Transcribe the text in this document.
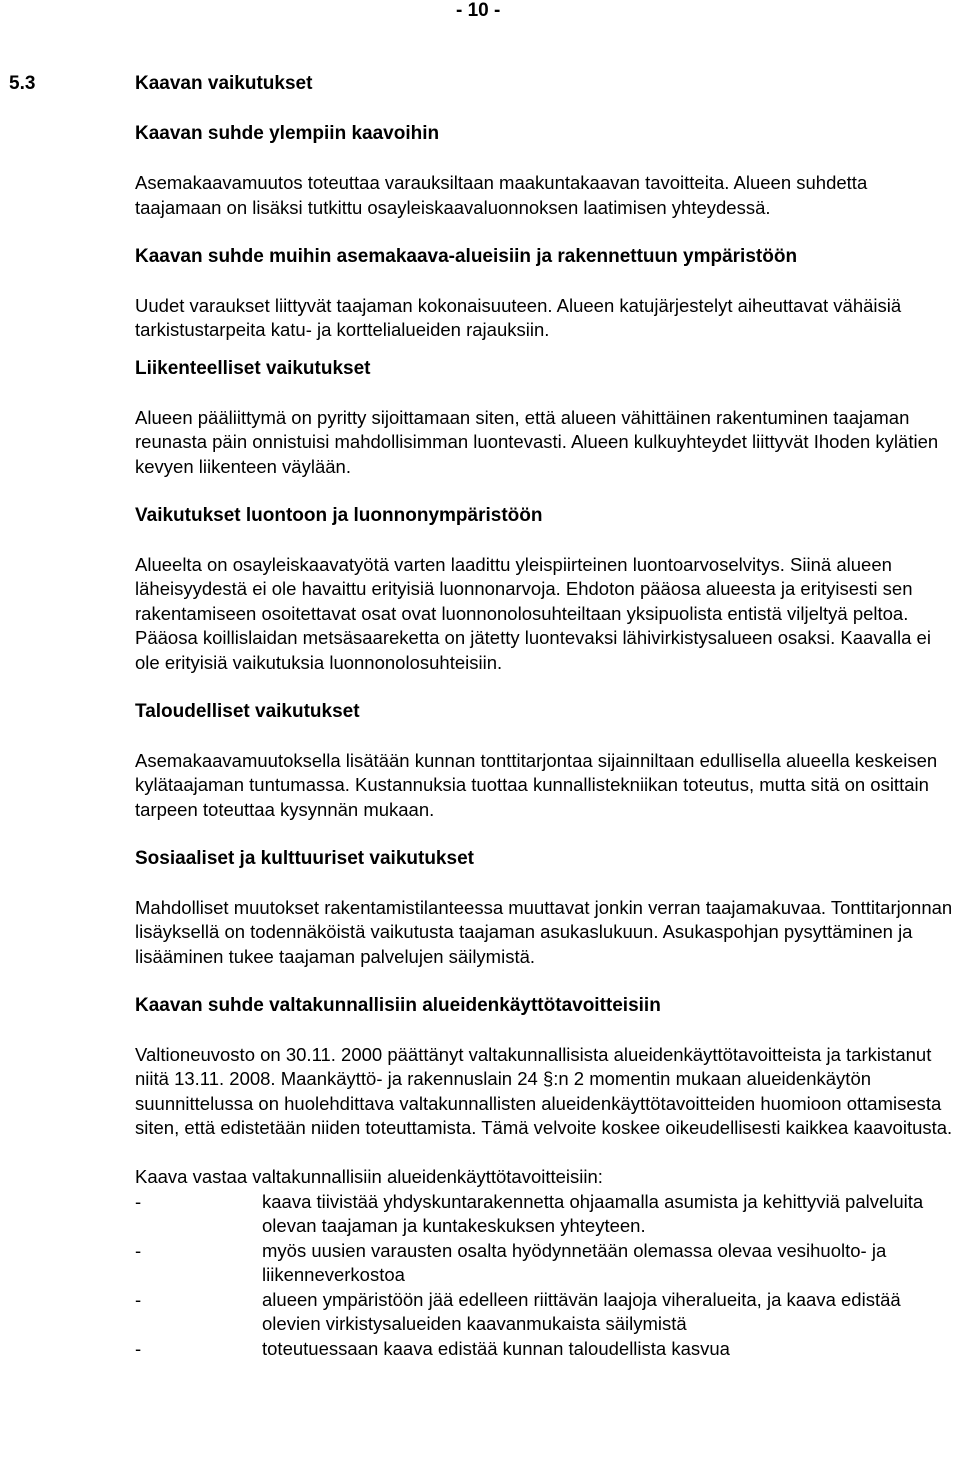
- 10 -
5.3	Kaavan vaikutukset
Kaavan suhde ylempiin kaavoihin

Asemakaavamuutos toteuttaa varauksiltaan maakuntakaavan tavoitteita. Alueen suhdetta taajamaan on lisäksi tutkittu osayleiskaavaluonnoksen laatimisen yhteydessä.

Kaavan suhde muihin asemakaava-alueisiin ja rakennettuun ympäristöön

Uudet varaukset liittyvät taajaman kokonaisuuteen. Alueen katujärjestelyt aiheuttavat vähäisiä tarkistustarpeita katu- ja korttelialueiden rajauksiin.

Liikenteelliset vaikutukset

Alueen pääliittymä on pyritty sijoittamaan siten, että alueen vähittäinen rakentuminen taajaman reunasta päin onnistuisi mahdollisimman luontevasti. Alueen kulkuyhteydet liittyvät Ihoden kylätien kevyen liikenteen väylään.

Vaikutukset luontoon ja luonnonympäristöön

Alueelta on osayleiskaavatyötä varten laadittu yleispiirteinen luontoarvoselvitys. Siinä alueen läheisyydestä ei ole havaittu erityisiä luonnonarvoja. Ehdoton pääosa alueesta ja erityisesti sen rakentamiseen osoitettavat osat ovat luonnonolosuhteiltaan yksipuolista entistä viljeltyä peltoa. Pääosa koillislaidan metsäsaareketta on jätetty luontevaksi lähivirkistysalueen osaksi. Kaavalla ei ole erityisiä vaikutuksia luonnonolosuhteisiin.

Taloudelliset vaikutukset

Asemakaavamuutoksella lisätään kunnan tonttitarjontaa sijainniltaan edullisella alueella keskeisen kylätaajaman tuntumassa. Kustannuksia tuottaa kunnallistekniikan toteutus, mutta sitä on osittain tarpeen toteuttaa kysynnän mukaan.

Sosiaaliset ja kulttuuriset vaikutukset

Mahdolliset muutokset rakentamistilanteessa muuttavat jonkin verran taajamakuvaa. Tonttitarjonnan lisäyksellä on todennäköistä vaikutusta taajaman asukaslukuun. Asukaspohjan pysyttäminen ja lisääminen tukee taajaman palvelujen säilymistä.

Kaavan suhde valtakunnallisiin alueidenkäyttötavoitteisiin

Valtioneuvosto on 30.11. 2000 päättänyt valtakunnallisista alueidenkäyttötavoitteista ja tarkistanut niitä 13.11. 2008. Maankäyttö- ja rakennuslain 24 §:n 2 momentin mukaan alueidenkäytön suunnittelussa on huolehdittava valtakunnallisten alueidenkäyttötavoitteiden huomioon ottamisesta siten, että edistetään niiden toteuttamista. Tämä velvoite koskee oikeudellisesti kaikkea kaavoitusta.

Kaava vastaa valtakunnallisiin alueidenkäyttötavoitteisiin:

-	kaava tiivistää yhdyskuntarakennetta ohjaamalla asumista ja kehittyviä palveluita olevan taajaman ja kuntakeskuksen yhteyteen.
-	myös uusien varausten osalta hyödynnetään olemassa olevaa vesihuolto- ja liikenneverkostoa
-	alueen ympäristöön jää edelleen riittävän laajoja viheralueita, ja kaava edistää olevien virkistysalueiden kaavanmukaista säilymistä
-	toteutuessaan kaava edistää kunnan taloudellista kasvua
